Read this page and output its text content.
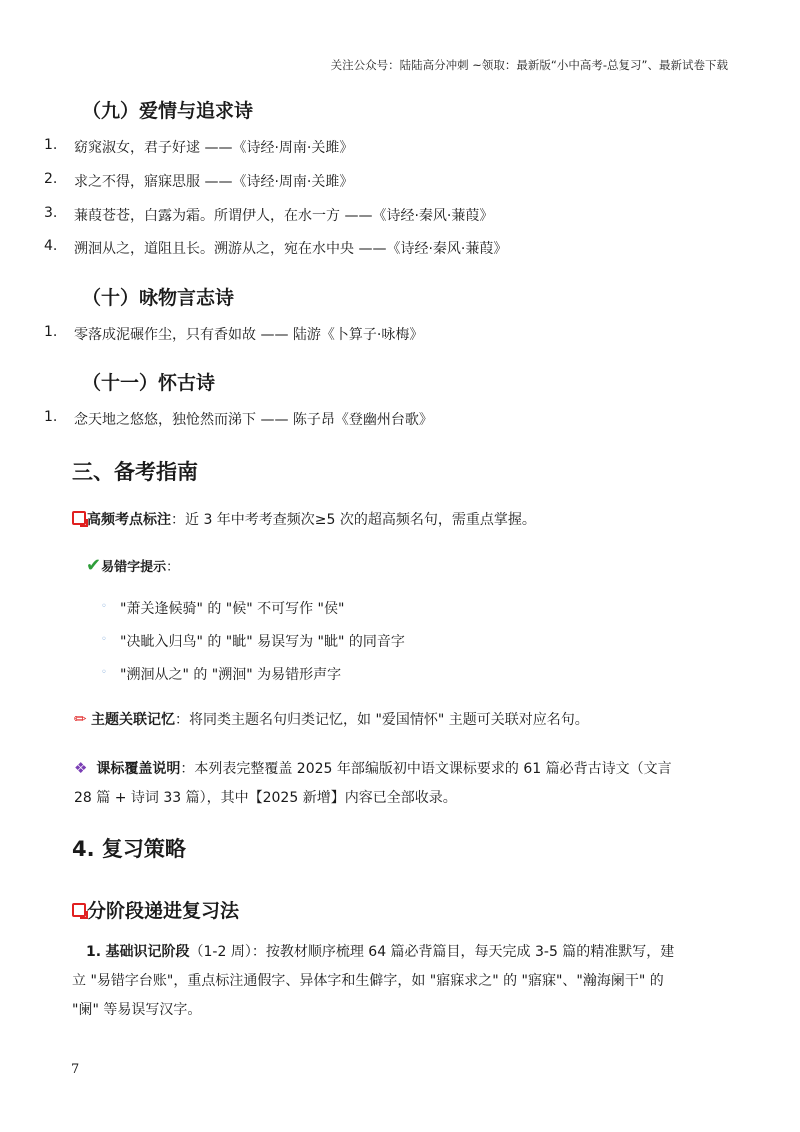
关注公众号：陆陆高分冲刺 ~领取：最新版“小中高考-总复习”、最新试卷下载
（九）爱情与追求诗
1. 窈窕淑女，君子好逑 ——《诗经·周南·关雎》
2. 求之不得，寤寐思服 ——《诗经·周南·关雎》
3. 蒹葭苍苍，白露为霜。所谓伊人，在水一方 ——《诗经·秦风·蒹葭》
4. 溯洄从之，道阻且长。溯游从之，宛在水中央 ——《诗经·秦风·蒹葭》
（十）咏物言志诗
1. 零落成泥碾作尘，只有香如故 —— 陆游《卜算子·咏梅》
（十一）怀古诗
1. 念天地之悠悠，独怆然而涕下 —— 陈子昂《登幽州台歌》
三、备考指南
高频考点标注：近 3 年中考考查频次≥5 次的超高频名句，需重点掌握。
✔易错字提示：
◦ "萧关逢候骑" 的 "候" 不可写作 "侯"
◦ "决眦入归鸟" 的 "眦" 易误写为 "眦" 的同音字
◦ "溯洄从之" 的 "溯洄" 为易错形声字
✏ 主题关联记忆：将同类主题名句归类记忆，如 "爱国情怀" 主题可关联对应名句。
❖ 课标覆盖说明：本列表完整覆盖 2025 年部编版初中语文课标要求的 61 篇必背古诗文（文言
28 篇 + 诗词 33 篇），其中【2025 新增】内容已全部收录。
4. 复习策略
分阶段递进复习法
1. 基础识记阶段（1-2 周）：按教材顺序梳理 64 篇必背篇目，每天完成 3-5 篇的精准默写，建
立 "易错字台账"，重点标注通假字、异体字和生僻字，如 "寤寐求之" 的 "寤寐"、"瀚海阑干" 的
"阑" 等易误写汉字。
7
